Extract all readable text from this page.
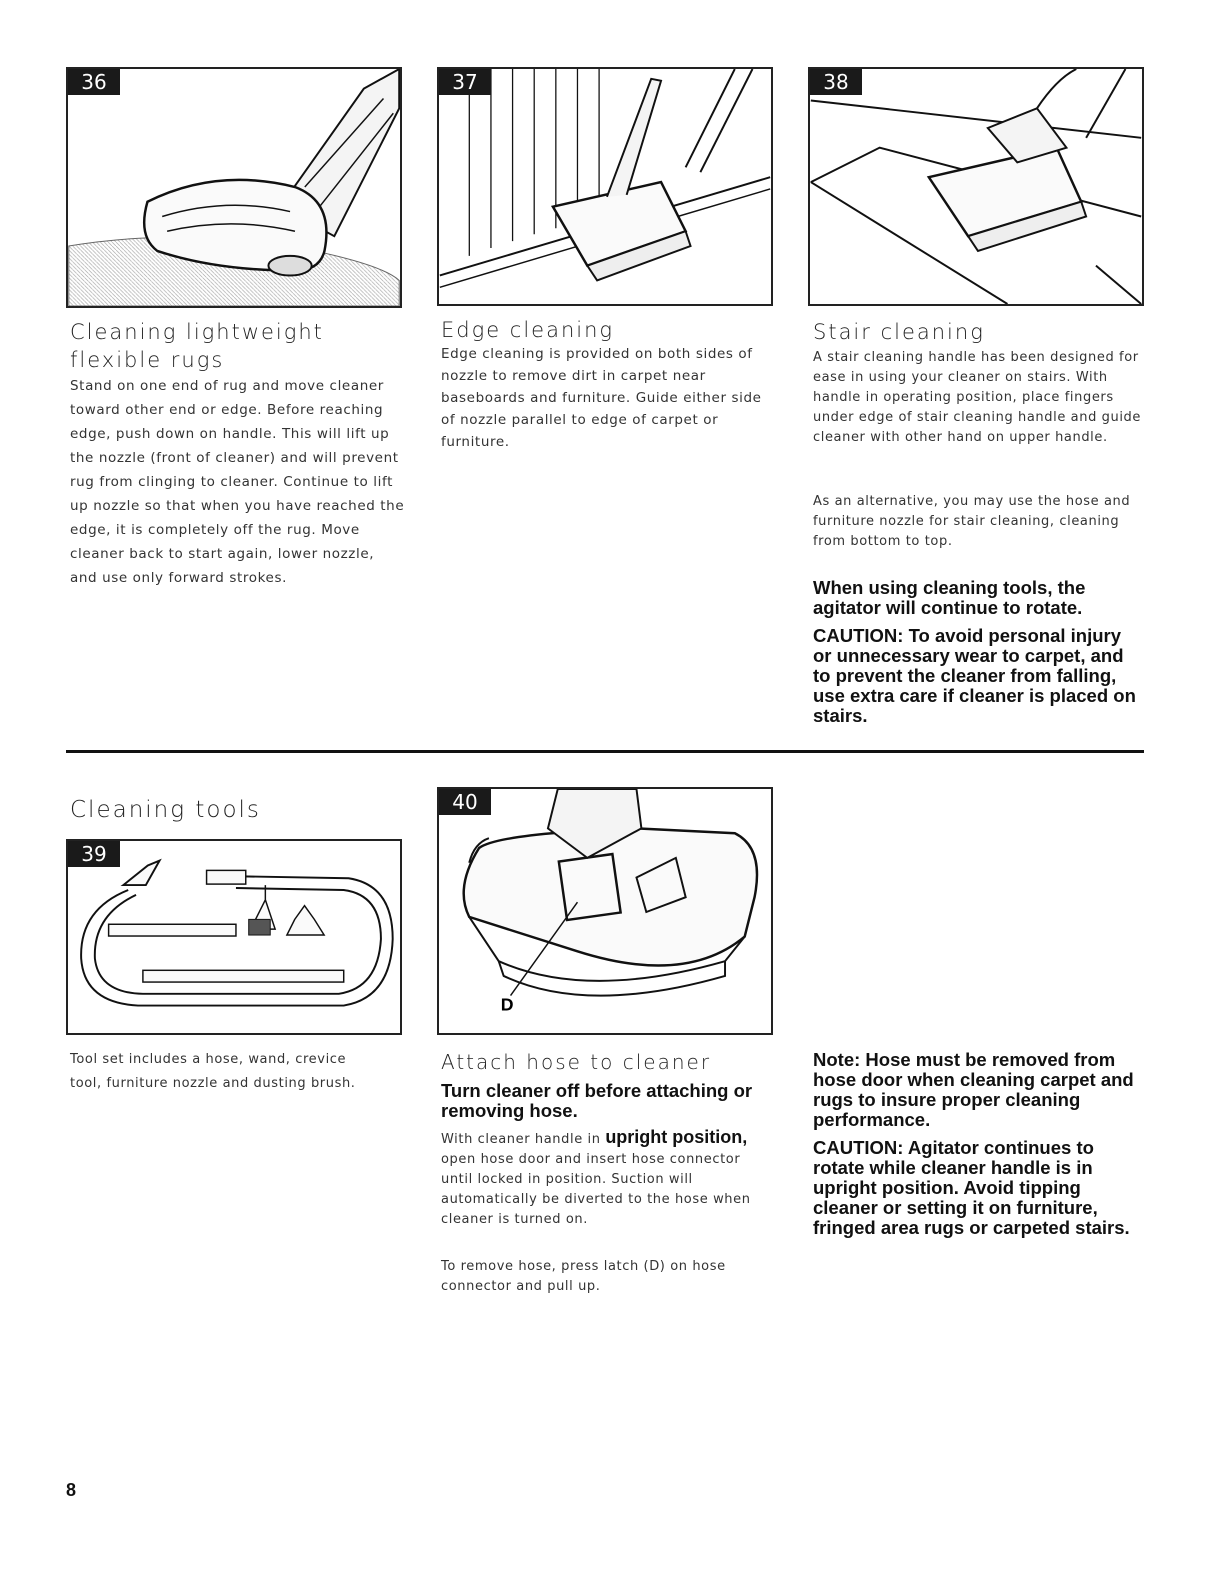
36	37	38
Cleaning lightweight
flexible rugs

Stand on one end of rug and move cleaner toward other end or edge. Before reaching edge, push down on handle. This will lift up the nozzle (front of cleaner) and will prevent rug from clinging to cleaner. Continue to lift up nozzle so that when you have reached the edge, it is completely off the rug. Move cleaner back to start again, lower nozzle, and use only forward strokes.

Edge cleaning

Edge cleaning is provided on both sides of nozzle to remove dirt in carpet near baseboards and furniture. Guide either side of nozzle parallel to edge of carpet or furniture.

Stair cleaning

A stair cleaning handle has been designed for ease in using your cleaner on stairs. With handle in operating position, place fingers under edge of stair cleaning handle and guide cleaner with other hand on upper handle.

As an alternative, you may use the hose and furniture nozzle for stair cleaning, cleaning from bottom to top.

When using cleaning tools, the agitator will continue to rotate.

CAUTION: To avoid personal injury or unnecessary wear to carpet, and to prevent the cleaner from falling, use extra care if cleaner is placed on stairs.

Cleaning tools
39

Tool set includes a hose, wand, crevice tool, furniture nozzle and dusting brush.

40
D
Attach hose to cleaner

Turn cleaner off before attaching or removing hose.

With cleaner handle in upright position, open hose door and insert hose connector until locked in position. Suction will automatically be diverted to the hose when cleaner is turned on.

To remove hose, press latch (D) on hose connector and pull up.

Note: Hose must be removed from hose door when cleaning carpet and rugs to insure proper cleaning performance.

CAUTION: Agitator continues to rotate while cleaner handle is in upright position. Avoid tipping cleaner or setting it on furniture, fringed area rugs or carpeted stairs.

8
